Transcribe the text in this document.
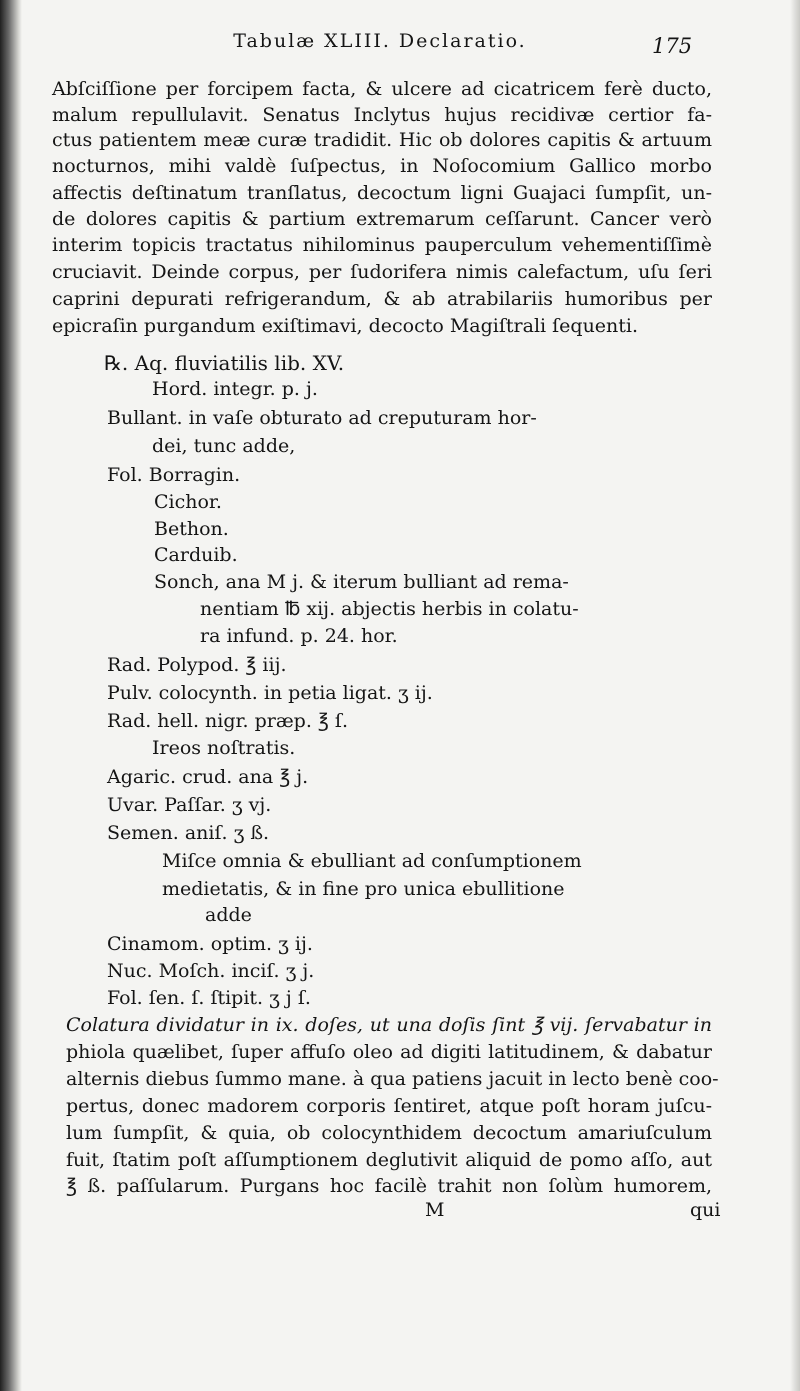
Tabulæ XLIII. Declaratio.	175
Abſciſſione per forcipem facta, & ulcere ad cicatricem ferè ducto,
malum repullulavit. Senatus Inclytus hujus recidivæ certior fa-
ctus patientem meæ curæ tradidit. Hic ob dolores capitis & artuum
nocturnos, mihi valdè ſuſpectus, in Noſocomium Gallico morbo
affectis deſtinatum tranſlatus, decoctum ligni Guajaci ſumpſit, un-
de dolores capitis & partium extremarum ceſſarunt. Cancer verò
interim topicis tractatus nihilominus pauperculum vehementiſſimè
cruciavit. Deinde corpus, per ſudorifera nimis calefactum, uſu ſeri
caprini depurati refrigerandum, & ab atrabilariis humoribus per
epicraſin purgandum exiſtimavi, decocto Magiſtrali ſequenti.
℞. Aq. fluviatilis lib. XV.
Hord. integr. p. j.
Bullant. in vaſe obturato ad creputuram hor-
dei, tunc adde,
Fol. Borragin.
Cichor.
Bethon.
Carduib.
Sonch, ana M j. & iterum bulliant ad rema-
nentiam ℔ xij. abjectis herbis in colatu-
ra infund. p. 24. hor.
Rad. Polypod. ℥ iij.
Pulv. colocynth. in petia ligat. ʒ ij.
Rad. hell. nigr. præp. ℥ ſ.
Ireos noſtratis.
Agaric. crud. ana ℥ j.
Uvar. Paſſar. ʒ vj.
Semen. aniſ. ʒ ß.
Miſce omnia & ebulliant ad conſumptionem
medietatis, & in fine pro unica ebullitione
adde
Cinamom. optim. ʒ ij.
Nuc. Moſch. inciſ. ʒ j.
Fol. ſen. ſ. ſtipit. ʒ j ſ.
Colatura dividatur in ix. doſes, ut una doſis ſint ℥ vij. ſervabatur in
phiola quælibet, ſuper affuſo oleo ad digiti latitudinem, & dabatur
alternis diebus ſummo mane. à qua patiens jacuit in lecto benè coo-
pertus, donec madorem corporis ſentiret, atque poſt horam juſcu-
lum ſumpſit, & quia, ob colocynthidem decoctum amariuſculum
fuit, ſtatim poſt aſſumptionem deglutivit aliquid de pomo aſſo, aut
℥ ß. paſſularum. Purgans hoc facilè trahit non ſolùm humorem,
M	qui
